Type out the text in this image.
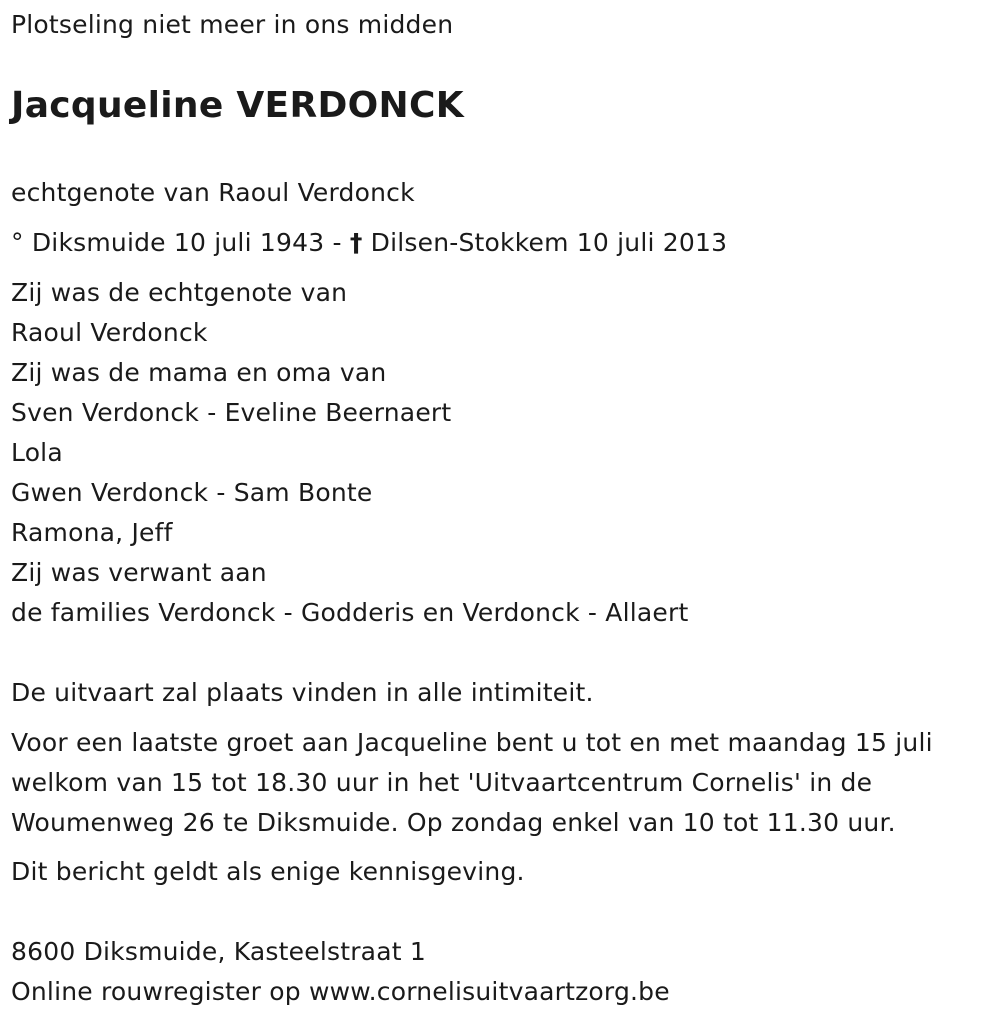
Plotseling niet meer in ons midden
Jacqueline VERDONCK
echtgenote van Raoul Verdonck
° Diksmuide 10 juli 1943 - † Dilsen-Stokkem 10 juli 2013
Zij was de echtgenote van
Raoul Verdonck
Zij was de mama en oma van
Sven Verdonck - Eveline Beernaert
Lola
Gwen Verdonck - Sam Bonte
Ramona, Jeff
Zij was verwant aan
de families Verdonck - Godderis en Verdonck - Allaert
De uitvaart zal plaats vinden in alle intimiteit.
Voor een laatste groet aan Jacqueline bent u tot en met maandag 15 juli
welkom van 15 tot 18.30 uur in het 'Uitvaartcentrum Cornelis' in de
Woumenweg 26 te Diksmuide. Op zondag enkel van 10 tot 11.30 uur.
Dit bericht geldt als enige kennisgeving.
8600 Diksmuide, Kasteelstraat 1
Online rouwregister op www.cornelisuitvaartzorg.be
